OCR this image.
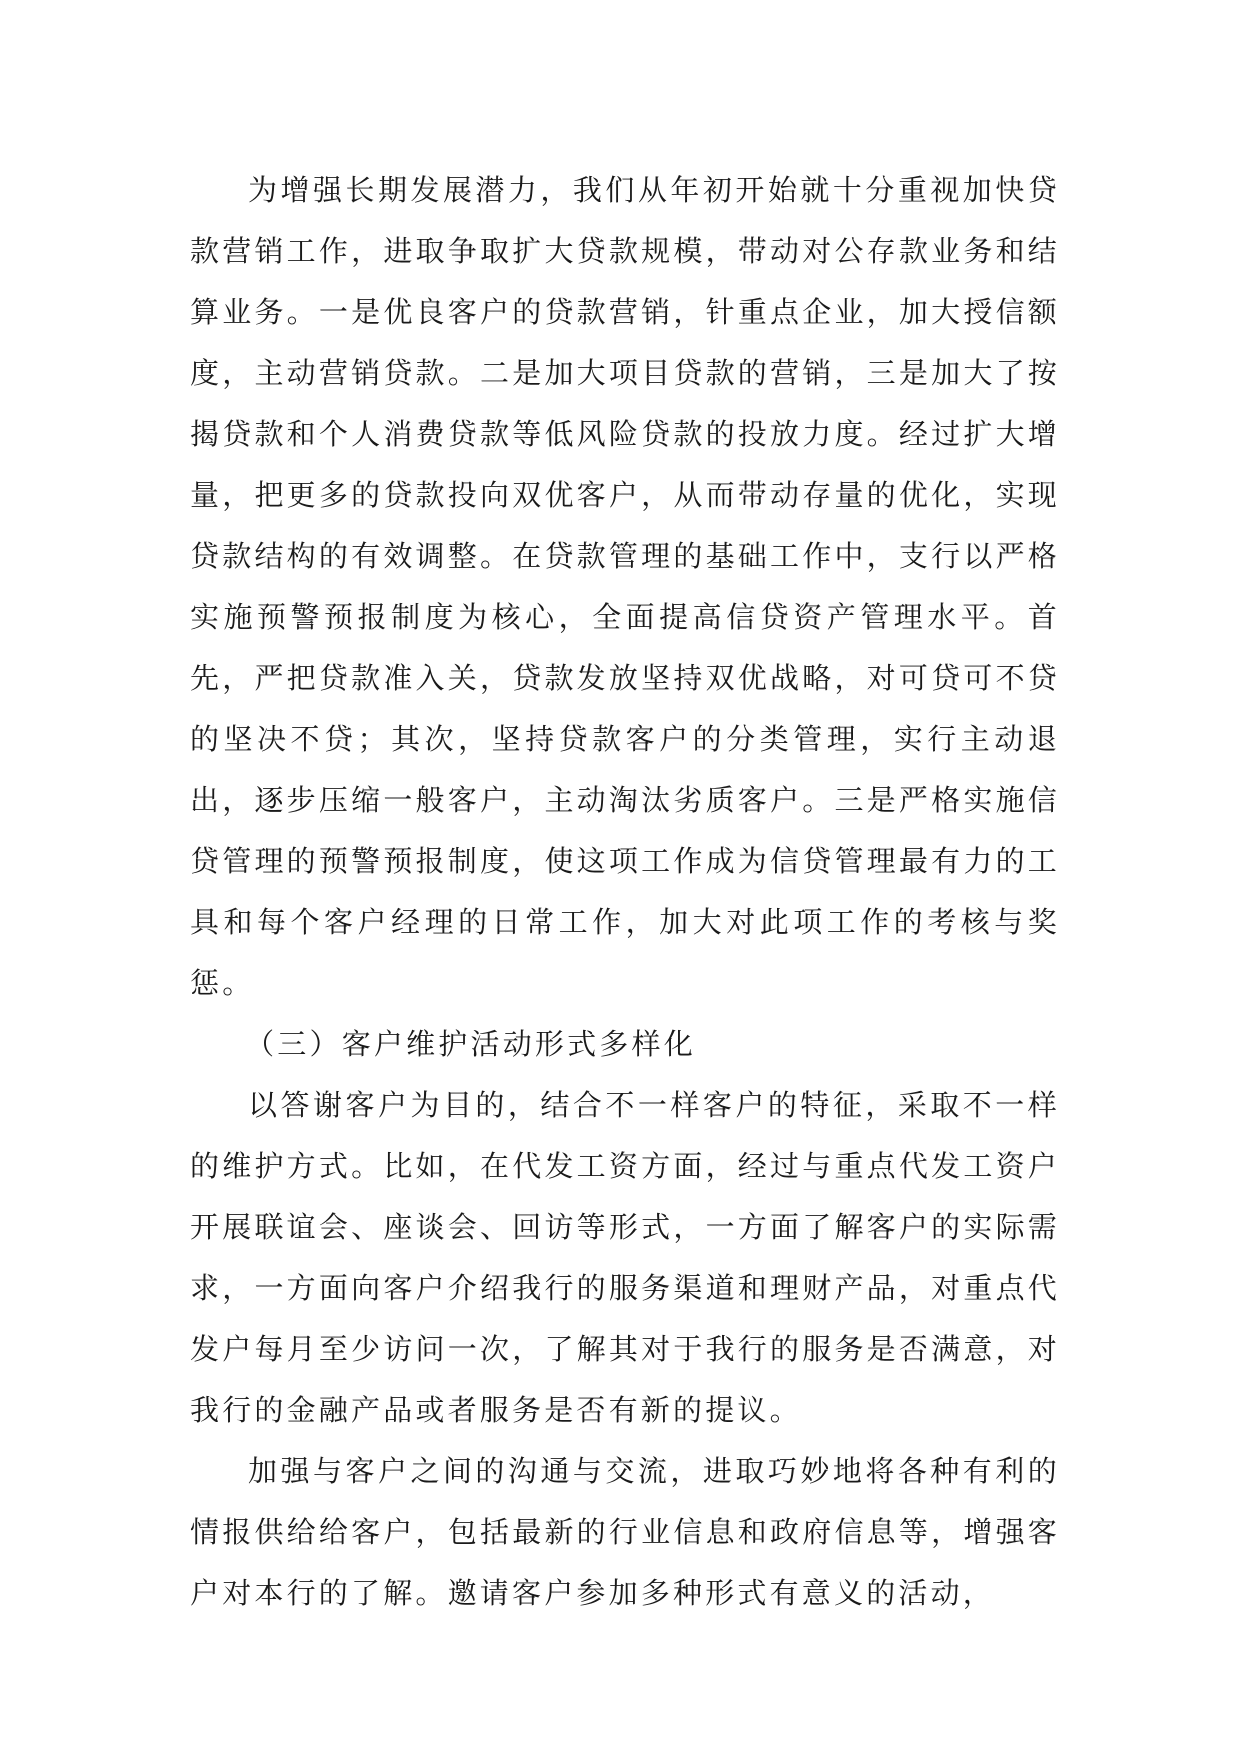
为增强长期发展潜力，我们从年初开始就十分重视加快贷款营销工作，进取争取扩大贷款规模，带动对公存款业务和结算业务。一是优良客户的贷款营销，针重点企业，加大授信额度，主动营销贷款。二是加大项目贷款的营销，三是加大了按揭贷款和个人消费贷款等低风险贷款的投放力度。经过扩大增量，把更多的贷款投向双优客户，从而带动存量的优化，实现贷款结构的有效调整。在贷款管理的基础工作中，支行以严格实施预警预报制度为核心，全面提高信贷资产管理水平。首先，严把贷款准入关，贷款发放坚持双优战略，对可贷可不贷的坚决不贷；其次，坚持贷款客户的分类管理，实行主动退出，逐步压缩一般客户，主动淘汰劣质客户。三是严格实施信贷管理的预警预报制度，使这项工作成为信贷管理最有力的工具和每个客户经理的日常工作，加大对此项工作的考核与奖惩。

（三）客户维护活动形式多样化

以答谢客户为目的，结合不一样客户的特征，采取不一样的维护方式。比如，在代发工资方面，经过与重点代发工资户开展联谊会、座谈会、回访等形式，一方面了解客户的实际需求，一方面向客户介绍我行的服务渠道和理财产品，对重点代发户每月至少访问一次，了解其对于我行的服务是否满意，对我行的金融产品或者服务是否有新的提议。

加强与客户之间的沟通与交流，进取巧妙地将各种有利的情报供给给客户，包括最新的行业信息和政府信息等，增强客户对本行的了解。邀请客户参加多种形式有意义的活动，
